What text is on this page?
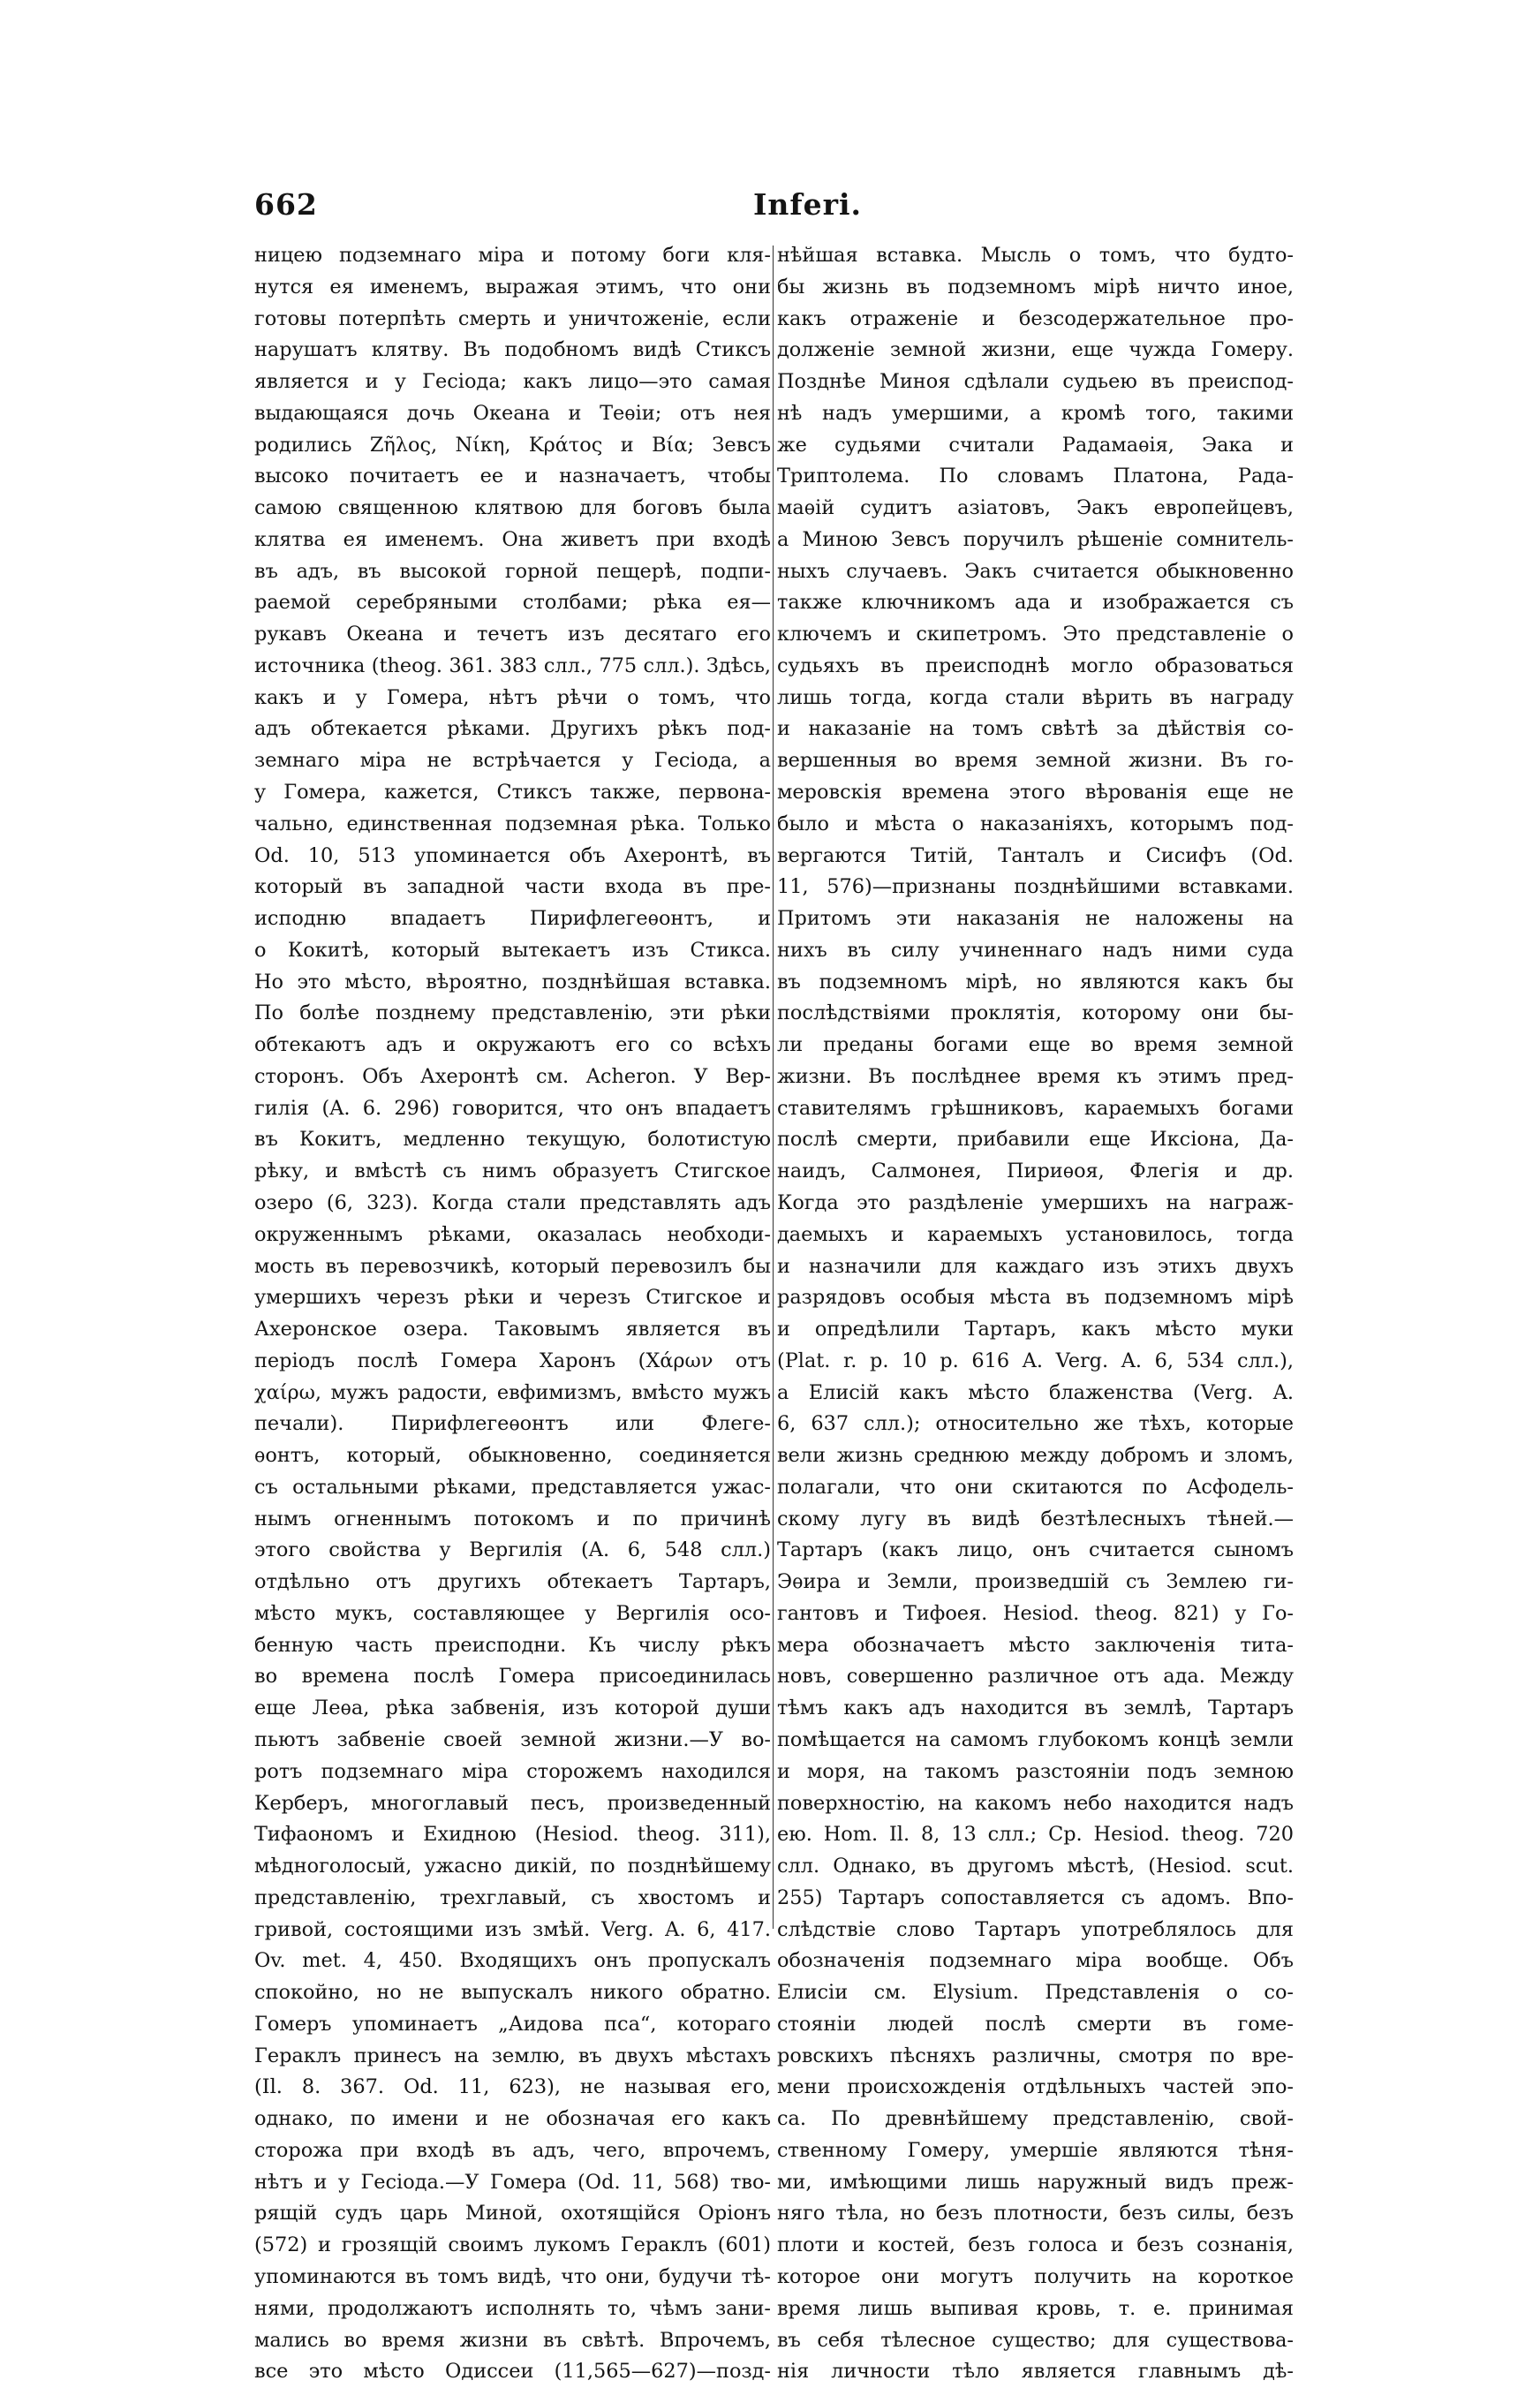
662	Inferi.
ницею подземнаго міра и потому боги кля-
нутся ея именемъ, выражая этимъ, что они
готовы потерпѣть смерть и уничтоженіе, если
нарушатъ клятву. Въ подобномъ видѣ Стиксъ
является и у Гесіода; какъ лицо—это самая
выдающаяся дочь Океана и Теѳіи; отъ нея
родились Ζῆλος, Νίκη, Κράτος и Βία; Зевсъ
высоко почитаетъ ее и назначаетъ, чтобы
самою священною клятвою для боговъ была
клятва ея именемъ. Она живетъ при входѣ
въ адъ, въ высокой горной пещерѣ, подпи-
раемой серебряными столбами; рѣка ея—
рукавъ Океана и течетъ изъ десятаго его
источника (theog. 361. 383 слл., 775 слл.). Здѣсь,
какъ и у Гомера, нѣтъ рѣчи о томъ, что
адъ обтекается рѣками. Другихъ рѣкъ под-
земнаго міра не встрѣчается у Гесіода, а
у Гомера, кажется, Стиксъ также, первона-
чально, единственная подземная рѣка. Только
Od. 10, 513 упоминается объ Ахеронтѣ, въ
который въ западной части входа въ пре-
исподню впадаетъ Пирифлегеѳонтъ, и
о Кокитѣ, который вытекаетъ изъ Стикса.
Но это мѣсто, вѣроятно, позднѣйшая вставка.
По болѣе позднему представленію, эти рѣки
обтекаютъ адъ и окружаютъ его со всѣхъ
сторонъ. Объ Ахеронтѣ см. Acheron. У Вер-
гилія (A. 6. 296) говорится, что онъ впадаетъ
въ Кокитъ, медленно текущую, болотистую
рѣку, и вмѣстѣ съ нимъ образуетъ Стигское
озеро (6, 323). Когда стали представлять адъ
окруженнымъ рѣками, оказалась необходи-
мость въ перевозчикѣ, который перевозилъ бы
умершихъ черезъ рѣки и черезъ Стигское и
Ахеронское озера. Таковымъ является въ
періодъ послѣ Гомера Харонъ (Χάρων отъ
χαίρω, мужъ радости, евфимизмъ, вмѣсто мужъ
печали). Пирифлегеѳонтъ или Флеге-
ѳонтъ, который, обыкновенно, соединяется
съ остальными рѣками, представляется ужас-
нымъ огненнымъ потокомъ и по причинѣ
этого свойства у Вергилія (A. 6, 548 слл.)
отдѣльно отъ другихъ обтекаетъ Тартаръ,
мѣсто мукъ, составляющее у Вергилія осо-
бенную часть преисподни. Къ числу рѣкъ
во времена послѣ Гомера присоединилась
еще Леѳа, рѣка забвенія, изъ которой души
пьютъ забвеніе своей земной жизни.—У во-
ротъ подземнаго міра сторожемъ находился
Керберъ, многоглавый песъ, произведенный
Тифаономъ и Ехидною (Hesiod. theog. 311),
мѣдноголосый, ужасно дикій, по позднѣйшему
представленію, трехглавый, съ хвостомъ и
гривой, состоящими изъ змѣй. Verg. A. 6, 417.
Ov. met. 4, 450. Входящихъ онъ пропускалъ
спокойно, но не выпускалъ никого обратно.
Гомеръ упоминаетъ „Аидова пса“, котораго
Гераклъ принесъ на землю, въ двухъ мѣстахъ
(Il. 8. 367. Od. 11, 623), не называя его,
однако, по имени и не обозначая его какъ
сторожа при входѣ въ адъ, чего, впрочемъ,
нѣтъ и у Гесіода.—У Гомера (Od. 11, 568) тво-
рящій судъ царь Миной, охотящійся Оріонъ
(572) и грозящій своимъ лукомъ Гераклъ (601)
упоминаются въ томъ видѣ, что они, будучи тѣ-
нями, продолжаютъ исполнять то, чѣмъ зани-
мались во время жизни въ свѣтѣ. Впрочемъ,
все это мѣсто Одиссеи (11,565—627)—позд-
нѣйшая вставка. Мысль о томъ, что будто-
бы жизнь въ подземномъ мірѣ ничто иное,
какъ отраженіе и безсодержательное про-
долженіе земной жизни, еще чужда Гомеру.
Позднѣе Миноя сдѣлали судьею въ преиспод-
нѣ надъ умершими, а кромѣ того, такими
же судьями считали Радамаѳія, Эака и
Триптолема. По словамъ Платона, Рада-
маѳій судитъ азіатовъ, Эакъ европейцевъ,
а Миною Зевсъ поручилъ рѣшеніе сомнитель-
ныхъ случаевъ. Эакъ считается обыкновенно
также ключникомъ ада и изображается съ
ключемъ и скипетромъ. Это представленіе о
судьяхъ въ преисподнѣ могло образоваться
лишь тогда, когда стали вѣрить въ награду
и наказаніе на томъ свѣтѣ за дѣйствія со-
вершенныя во время земной жизни. Въ го-
меровскія времена этого вѣрованія еще не
было и мѣста о наказаніяхъ, которымъ под-
вергаются Титій, Танталъ и Сисифъ (Od.
11, 576)—признаны позднѣйшими вставками.
Притомъ эти наказанія не наложены на
нихъ въ силу учиненнаго надъ ними суда
въ подземномъ мірѣ, но являются какъ бы
послѣдствіями проклятія, которому они бы-
ли преданы богами еще во время земной
жизни. Въ послѣднее время къ этимъ пред-
ставителямъ грѣшниковъ, караемыхъ богами
послѣ смерти, прибавили еще Иксіона, Да-
наидъ, Салмонея, Пириѳоя, Флегія и др.
Когда это раздѣленіе умершихъ на награж-
даемыхъ и караемыхъ установилось, тогда
и назначили для каждаго изъ этихъ двухъ
разрядовъ особыя мѣста въ подземномъ мірѣ
и опредѣлили Тартаръ, какъ мѣсто муки
(Plat. r. p. 10 p. 616 A. Verg. A. 6, 534 слл.),
а Елисій какъ мѣсто блаженства (Verg. A.
6, 637 слл.); относительно же тѣхъ, которые
вели жизнь среднюю между добромъ и зломъ,
полагали, что они скитаются по Асфодель-
скому лугу въ видѣ безтѣлесныхъ тѣней.—
Тартаръ (какъ лицо, онъ считается сыномъ
Эѳира и Земли, произведшій съ Землею ги-
гантовъ и Тифоея. Hesiod. theog. 821) у Го-
мера обозначаетъ мѣсто заключенія тита-
новъ, совершенно различное отъ ада. Между
тѣмъ какъ адъ находится въ землѣ, Тартаръ
помѣщается на самомъ глубокомъ концѣ земли
и моря, на такомъ разстояніи подъ земною
поверхностію, на какомъ небо находится надъ
ею. Hom. Il. 8, 13 слл.; Ср. Hesiod. theog. 720
слл. Однако, въ другомъ мѣстѣ, (Hesiod. scut.
255) Тартаръ сопоставляется съ адомъ. Впо-
слѣдствіе слово Тартаръ употреблялось для
обозначенія подземнаго міра вообще. Объ
Елисіи см. Elysium. Представленія о со-
стояніи людей послѣ смерти въ гоме-
ровскихъ пѣсняхъ различны, смотря по вре-
мени происхожденія отдѣльныхъ частей эпо-
са. По древнѣйшему представленію, свой-
ственному Гомеру, умершіе являются тѣня-
ми, имѣющими лишь наружный видъ преж-
няго тѣла, но безъ плотности, безъ силы, безъ
плоти и костей, безъ голоса и безъ сознанія,
которое они могутъ получить на короткое
время лишь выпивая кровь, т. е. принимая
въ себя тѣлесное существо; для существова-
нія личности тѣло является главнымъ дѣ-
